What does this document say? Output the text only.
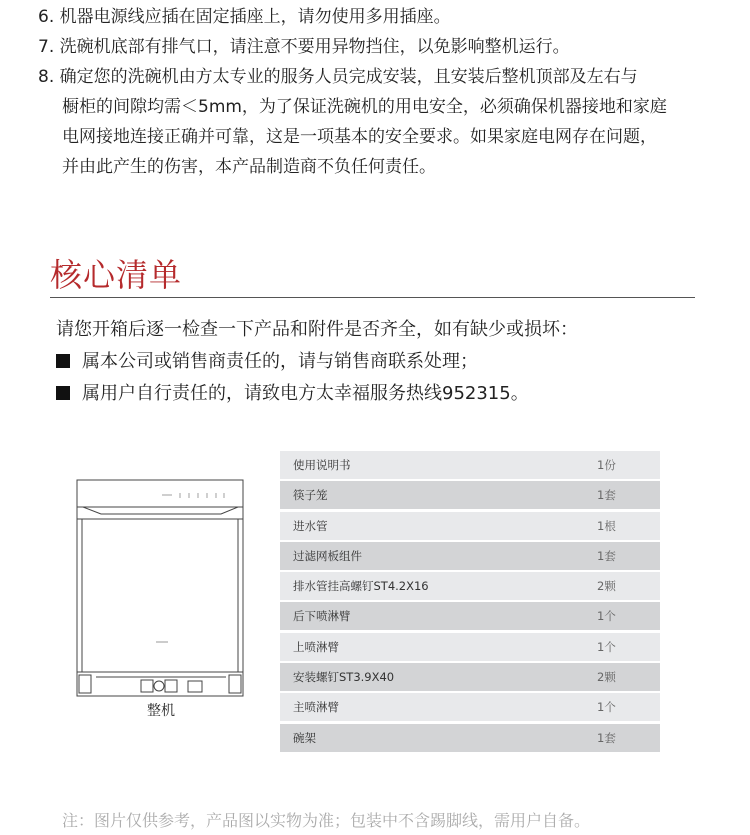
6. 机器电源线应插在固定插座上，请勿使用多用插座。

7. 洗碗机底部有排气口，请注意不要用异物挡住，以免影响整机运行。

8. 确定您的洗碗机由方太专业的服务人员完成安装，且安装后整机顶部及左右与

橱柜的间隙均需＜5mm，为了保证洗碗机的用电安全，必须确保机器接地和家庭

电网接地连接正确并可靠，这是一项基本的安全要求。如果家庭电网存在问题，

并由此产生的伤害，本产品制造商不负任何责任。

核心清单
请您开箱后逐一检查一下产品和附件是否齐全，如有缺少或损坏：
属本公司或销售商责任的，请与销售商联系处理；
属用户自行责任的，请致电方太幸福服务热线952315。
整机
使用说明书	1份
筷子笼	1套
进水管	1根
过滤网板组件	1套
排水管挂高螺钉ST4.2X16	2颗
后下喷淋臂	1个
上喷淋臂	1个
安装螺钉ST3.9X40	2颗
主喷淋臂	1个
碗架	1套
注：图片仅供参考，产品图以实物为准；包装中不含踢脚线，需用户自备。
